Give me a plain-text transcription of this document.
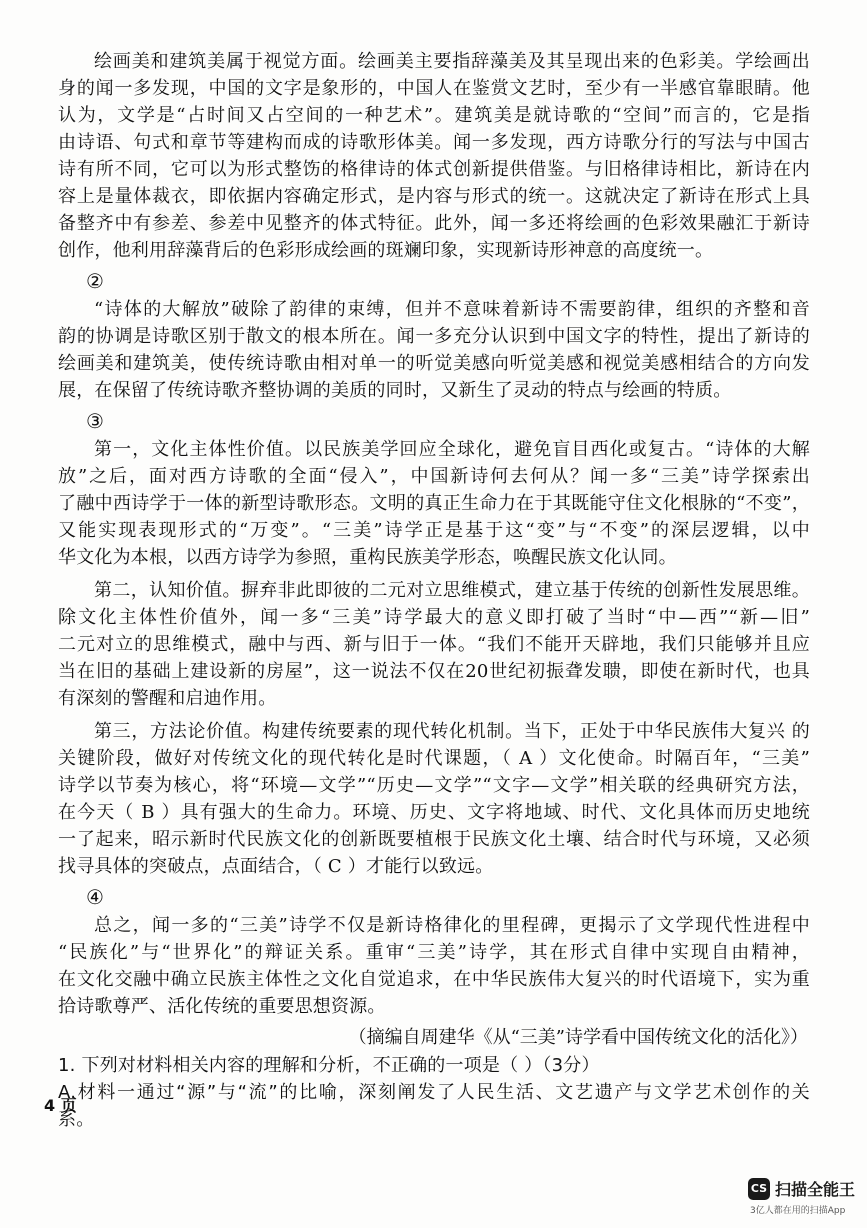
绘画美和建筑美属于视觉方面。绘画美主要指辞藻美及其呈现出来的色彩美。学绘画出
身的闻一多发现，中国的文字是象形的，中国人在鉴赏文艺时，至少有一半感官靠眼睛。他
认为，文学是“占时间又占空间的一种艺术”。建筑美是就诗歌的“空间”而言的，它是指
由诗语、句式和章节等建构而成的诗歌形体美。闻一多发现，西方诗歌分行的写法与中国古
诗有所不同，它可以为形式整饬的格律诗的体式创新提供借鉴。与旧格律诗相比，新诗在内
容上是量体裁衣，即依据内容确定形式，是内容与形式的统一。这就决定了新诗在形式上具
备整齐中有参差、参差中见整齐的体式特征。此外，闻一多还将绘画的色彩效果融汇于新诗
创作，他利用辞藻背后的色彩形成绘画的斑斓印象，实现新诗形神意的高度统一。
②
“诗体的大解放”破除了韵律的束缚，但并不意味着新诗不需要韵律，组织的齐整和音
韵的协调是诗歌区别于散文的根本所在。闻一多充分认识到中国文字的特性，提出了新诗的
绘画美和建筑美，使传统诗歌由相对单一的听觉美感向听觉美感和视觉美感相结合的方向发
展，在保留了传统诗歌齐整协调的美质的同时，又新生了灵动的特点与绘画的特质。
③
第一，文化主体性价值。以民族美学回应全球化，避免盲目西化或复古。“诗体的大解
放”之后，面对西方诗歌的全面“侵入”，中国新诗何去何从？闻一多“三美”诗学探索出
了融中西诗学于一体的新型诗歌形态。文明的真正生命力在于其既能守住文化根脉的“不变”，
又能实现表现形式的“万变”。“三美”诗学正是基于这“变”与“不变”的深层逻辑，以中
华文化为本根，以西方诗学为参照，重构民族美学形态，唤醒民族文化认同。
第二，认知价值。摒弃非此即彼的二元对立思维模式，建立基于传统的创新性发展思维。
除文化主体性价值外，闻一多“三美”诗学最大的意义即打破了当时“中—西”“新—旧”
二元对立的思维模式，融中与西、新与旧于一体。“我们不能开天辟地，我们只能够并且应
当在旧的基础上建设新的房屋”，这一说法不仅在20世纪初振聋发聩，即使在新时代，也具
有深刻的警醒和启迪作用。
第三，方法论价值。构建传统要素的现代转化机制。当下，正处于中华民族伟大复兴 的
关键阶段，做好对传统文化的现代转化是时代课题，（ A ）文化使命。时隔百年，“三美”
诗学以节奏为核心，将“环境—文学”“历史—文学”“文字—文学”相关联的经典研究方法，
在今天（ B ）具有强大的生命力。环境、历史、文字将地域、时代、文化具体而历史地统
一了起来，昭示新时代民族文化的创新既要植根于民族文化土壤、结合时代与环境，又必须
找寻具体的突破点，点面结合，（ C ）才能行以致远。
④
总之，闻一多的“三美”诗学不仅是新诗格律化的里程碑，更揭示了文学现代性进程中
“民族化”与“世界化”的辩证关系。重审“三美”诗学，其在形式自律中实现自由精神，
在文化交融中确立民族主体性之文化自觉追求，在中华民族伟大复兴的时代语境下，实为重
拾诗歌尊严、活化传统的重要思想资源。
（摘编自周建华《从“三美”诗学看中国传统文化的活化》）
1. 下列对材料相关内容的理解和分析，不正确的一项是（ ）（3分）
A.材料一通过“源”与“流”的比喻，深刻阐发了人民生活、文艺遗产与文学艺术创作的关
系。
4 页
CS 扫描全能王
3亿人都在用的扫描App
